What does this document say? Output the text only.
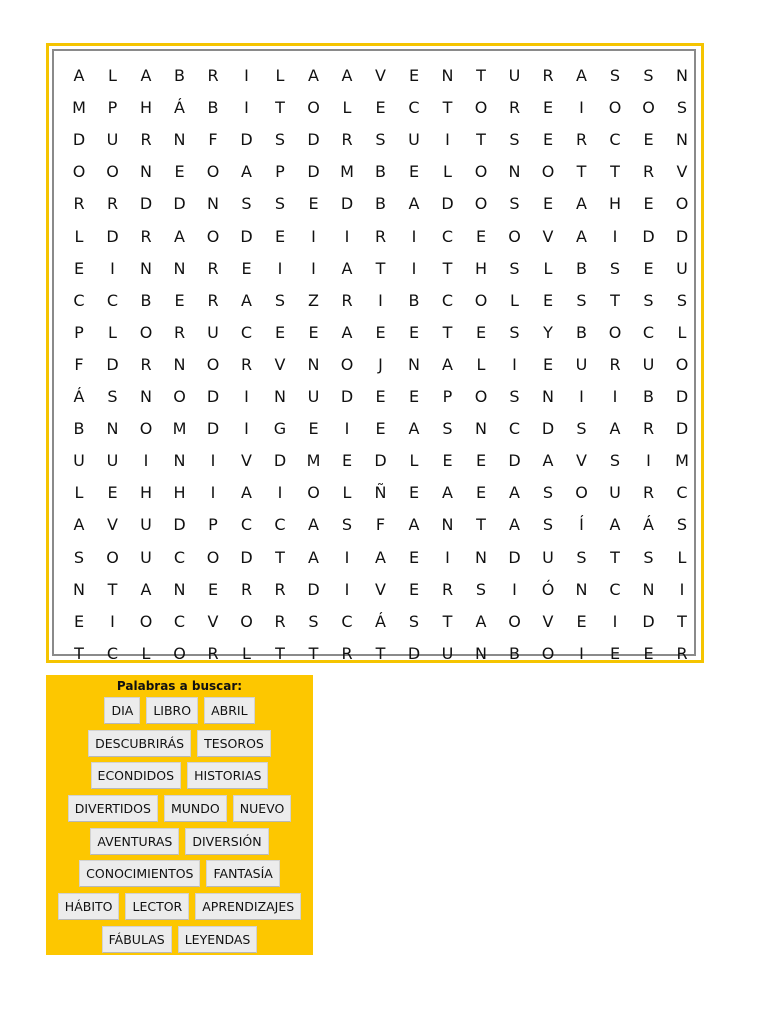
A	L	A	B	R	I	L	A	A	V	E	N	T	U	R	A	S	S	N
M	P	H	Á	B	I	T	O	L	E	C	T	O	R	E	I	O	O	S
D	U	R	N	F	D	S	D	R	S	U	I	T	S	E	R	C	E	N
O	O	N	E	O	A	P	D	M	B	E	L	O	N	O	T	T	R	V
R	R	D	D	N	S	S	E	D	B	A	D	O	S	E	A	H	E	O
L	D	R	A	O	D	E	I	I	R	I	C	E	O	V	A	I	D	D
E	I	N	N	R	E	I	I	A	T	I	T	H	S	L	B	S	E	U
C	C	B	E	R	A	S	Z	R	I	B	C	O	L	E	S	T	S	S
P	L	O	R	U	C	E	E	A	E	E	T	E	S	Y	B	O	C	L
F	D	R	N	O	R	V	N	O	J	N	A	L	I	E	U	R	U	O
Á	S	N	O	D	I	N	U	D	E	E	P	O	S	N	I	I	B	D
B	N	O	M	D	I	G	E	I	E	A	S	N	C	D	S	A	R	D
U	U	I	N	I	V	D	M	E	D	L	E	E	D	A	V	S	I	M
L	E	H	H	I	A	I	O	L	Ñ	E	A	E	A	S	O	U	R	C
A	V	U	D	P	C	C	A	S	F	A	N	T	A	S	Í	A	Á	S
S	O	U	C	O	D	T	A	I	A	E	I	N	D	U	S	T	S	L
N	T	A	N	E	R	R	D	I	V	E	R	S	I	Ó	N	C	N	I
E	I	O	C	V	O	R	S	C	Á	S	T	A	O	V	E	I	D	T
T	C	L	O	R	L	T	T	R	T	D	U	N	B	O	I	E	E	R
Palabras a buscar:
DIA	LIBRO	ABRIL
DESCUBRIRÁS	TESOROS
ECONDIDOS	HISTORIAS
DIVERTIDOS	MUNDO	NUEVO
AVENTURAS	DIVERSIÓN
CONOCIMIENTOS	FANTASÍA
HÁBITO	LECTOR	APRENDIZAJES
FÁBULAS	LEYENDAS
